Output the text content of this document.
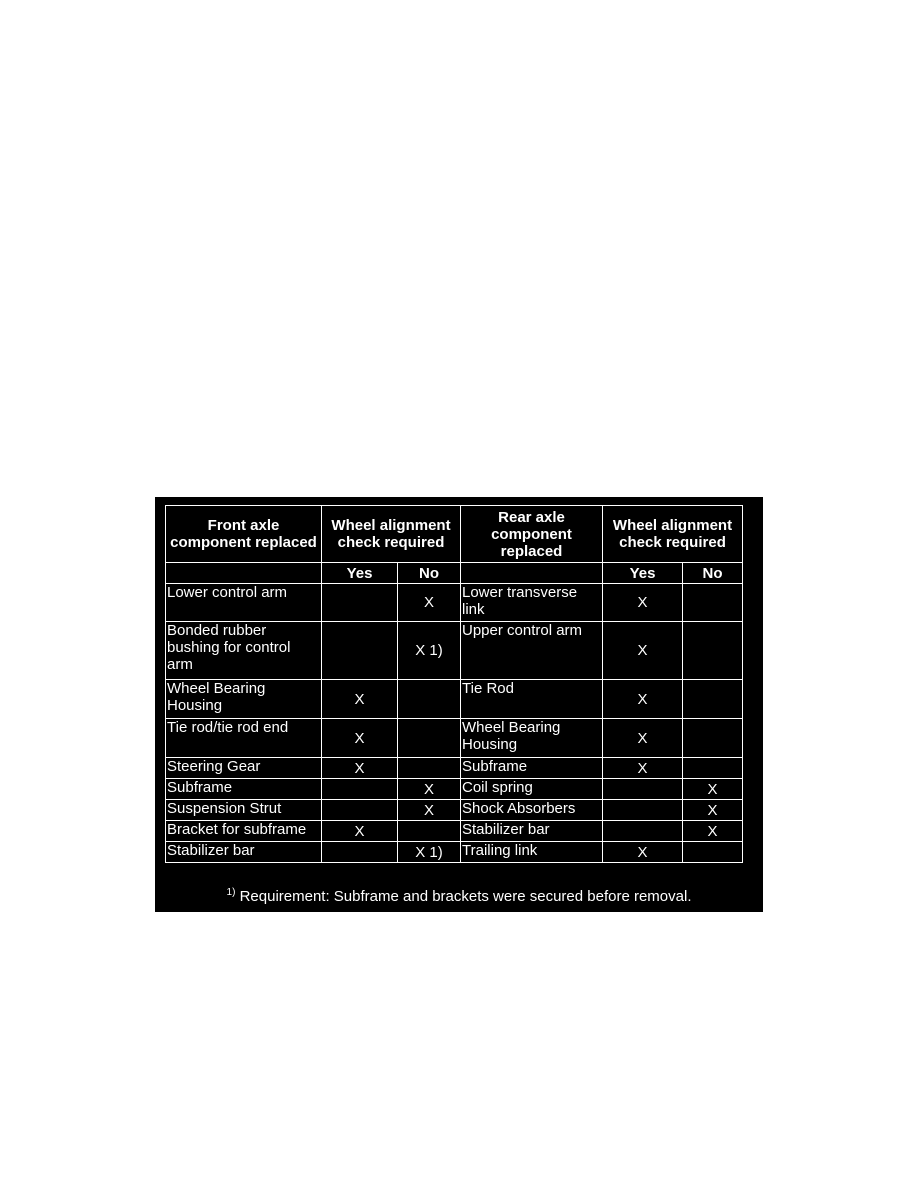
Front axle component replaced	Wheel alignment check required		Rear axle component replaced	Wheel alignment check required	
	Yes	No		Yes	No
Lower control arm		X	Lower transverse link	X	
Bonded rubber bushing for control arm		X 1)	Upper control arm	X	
Wheel Bearing Housing	X		Tie Rod	X	
Tie rod/tie rod end	X		Wheel Bearing Housing	X	
Steering Gear	X		Subframe	X	
Subframe		X	Coil spring		X
Suspension Strut		X	Shock Absorbers		X
Bracket for subframe	X		Stabilizer bar		X
Stabilizer bar		X 1)	Trailing link	X	
$^{1)}$ Requirement: Subframe and brackets were secured before removal.
